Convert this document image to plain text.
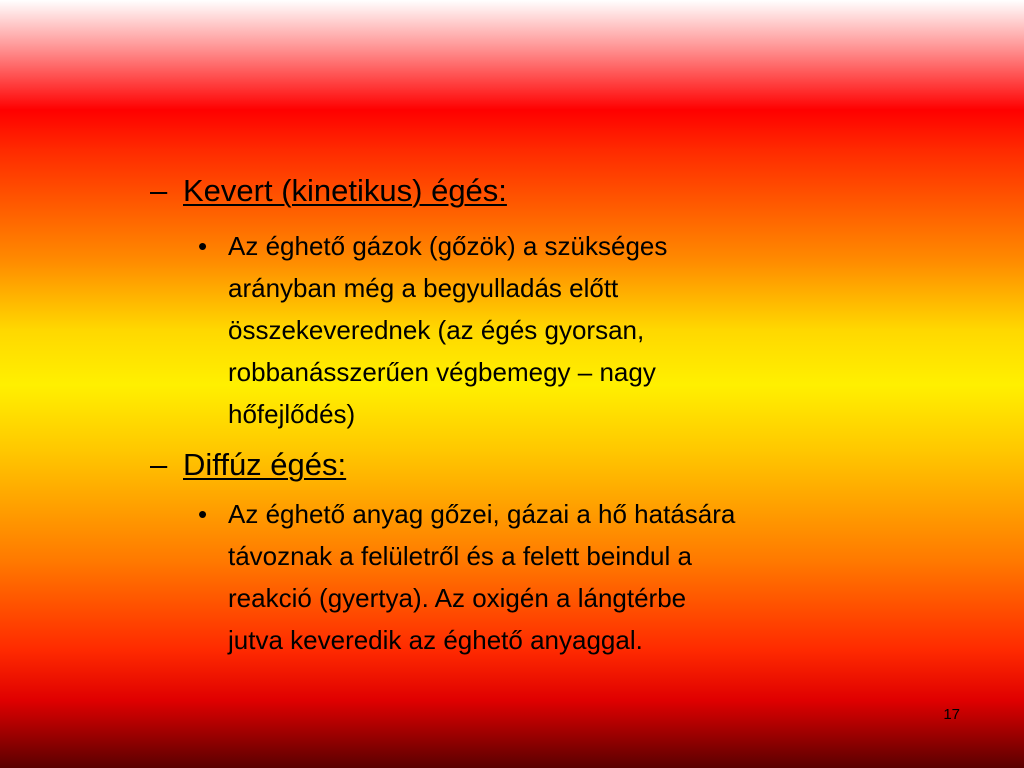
– Kevert (kinetikus) égés:
• Az éghető gázok (gőzök) a szükséges
arányban még a begyulladás előtt
összekeverednek (az égés gyorsan,
robbanásszerűen végbemegy – nagy
hőfejlődés)
– Diffúz égés:
• Az éghető anyag gőzei, gázai a hő hatására
távoznak a felületről és a felett beindul a
reakció (gyertya). Az oxigén a lángtérbe
jutva keveredik az éghető anyaggal.
17
